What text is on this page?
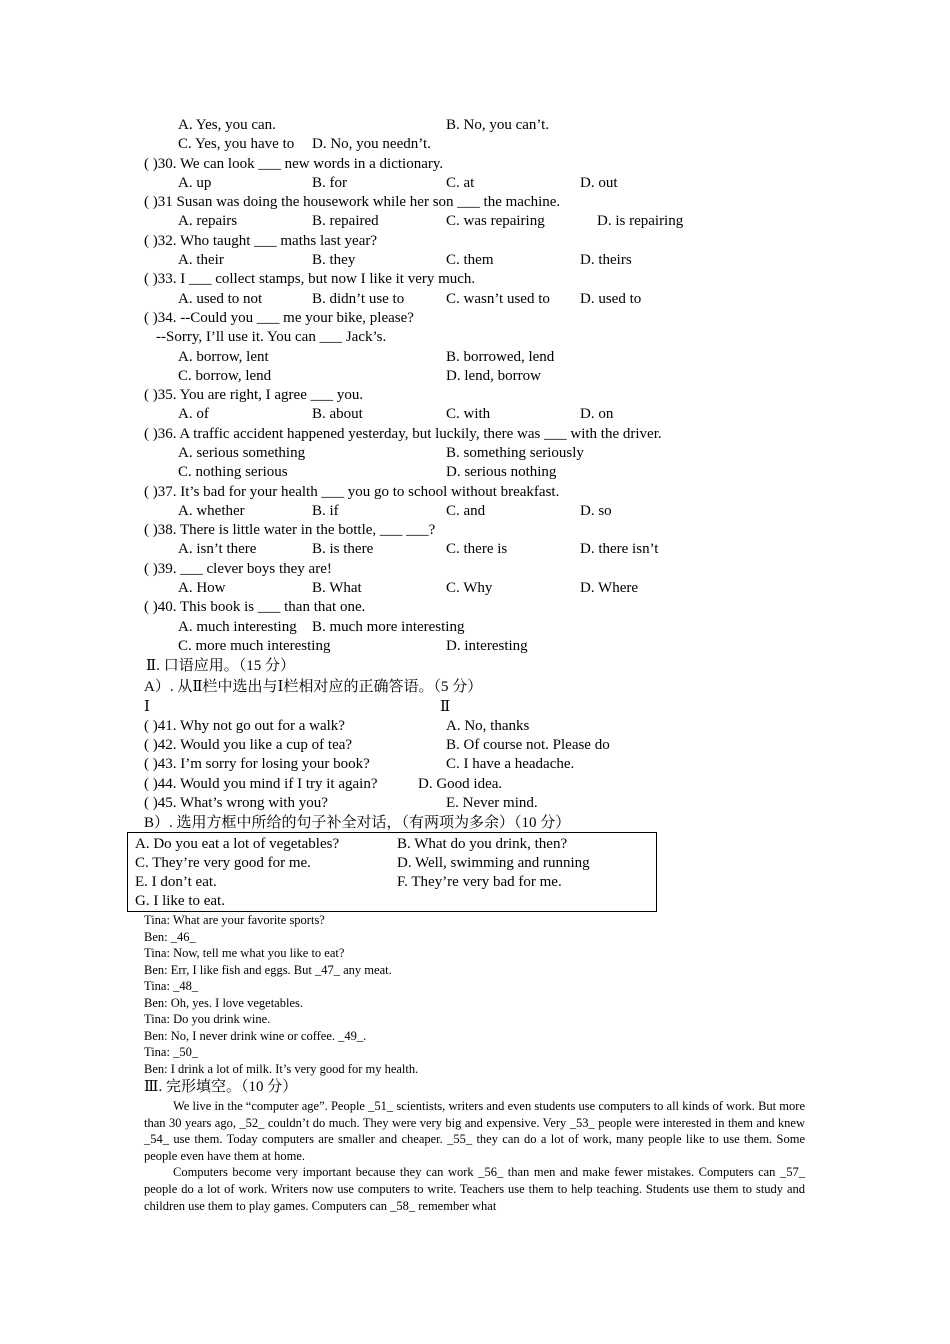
A. Yes, you can.	B. No, you can’t.
C. Yes, you have to D. No, you needn’t.
( )30. We can look ___ new words in a dictionary.
A. up	B. for	C. at	D. out
( )31 Susan was doing the housework while her son ___ the machine.
A. repairs	B. repaired	C. was repairing	D. is repairing
( )32. Who taught ___ maths last year?
A. their	B. they	C. them	D. theirs
( )33. I ___ collect stamps, but now I like it very much.
A. used to not	B. didn’t use to	C. wasn’t used to D. used to
( )34. --Could you ___ me your bike, please?
--Sorry, I’ll use it. You can ___ Jack’s.
A. borrow, lent	B. borrowed, lend
C. borrow, lend	D. lend, borrow
( )35. You are right, I agree ___ you.
A. of	B. about	C. with	D. on
( )36. A traffic accident happened yesterday, but luckily, there was ___ with the driver.
A. serious something	B. something seriously
C. nothing serious	D. serious nothing
( )37. It’s bad for your health ___ you go to school without breakfast.
A. whether	B. if	C. and	D. so
( )38. There is little water in the bottle, ___ ___?
A. isn’t there	B. is there	C. there is	D. there isn’t
( )39. ___ clever boys they are!
A. How	B. What	C. Why	D. Where
( )40. This book is ___ than that one.
A. much interesting B. much more interesting
C. more much interesting	D. interesting
Ⅱ. 口语应用。（15 分）
A）. 从Ⅱ栏中选出与Ⅰ栏相对应的正确答语。（5 分）
Ⅰ	Ⅱ
( )41. Why not go out for a walk?	A. No, thanks
( )42. Would you like a cup of tea?	B. Of course not. Please do
( )43. I’m sorry for losing your book?	C. I have a headache.
( )44. Would you mind if I try it again?	D. Good idea.
( )45. What’s wrong with you?	E. Never mind.
B）. 选用方框中所给的句子补全对话，（有两项为多余）（10 分）
A. Do you eat a lot of vegetables?	B. What do you drink, then?
C. They’re very good for me.	D. Well, swimming and running
E. I don’t eat.	F. They’re very bad for me.
G. I like to eat.
Tina: What are your favorite sports?
Ben: _46_
Tina: Now, tell me what you like to eat?
Ben: Err, I like fish and eggs. But _47_ any meat.
Tina: _48_
Ben: Oh, yes. I love vegetables.
Tina: Do you drink wine.
Ben: No, I never drink wine or coffee. _49_.
Tina: _50_
Ben: I drink a lot of milk. It’s very good for my health.
Ⅲ. 完形填空。（10 分）
We live in the “computer age”. People _51_ scientists, writers and even students use computers to all kinds of work. But more than 30 years ago, _52_ couldn’t do much. They were very big and expensive. Very _53_ people were interested in them and knew _54_ use them. Today computers are smaller and cheaper. _55_ they can do a lot of work, many people like to use them. Some people even have them at home.
Computers become very important because they can work _56_ than men and make fewer mistakes. Computers can _57_ people do a lot of work. Writers now use computers to write. Teachers use them to help teaching. Students use them to study and children use them to play games. Computers can _58_ remember what
